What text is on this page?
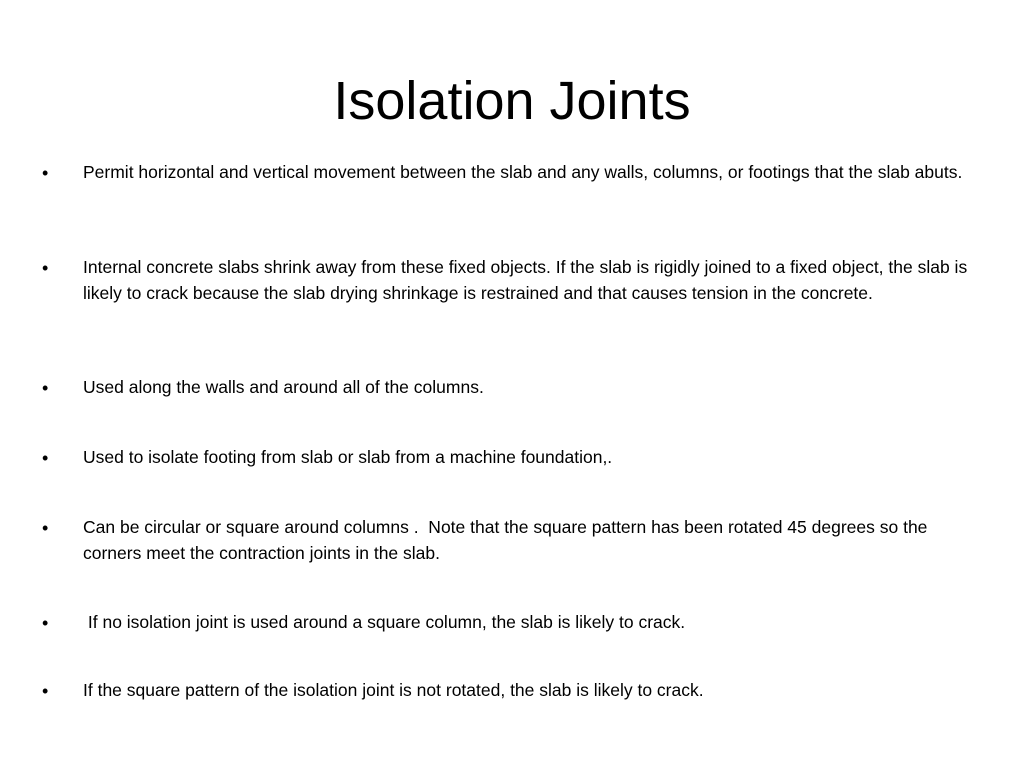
Isolation Joints
• Permit horizontal and vertical movement between the slab and any walls, columns, or footings that the slab abuts.
• Internal concrete slabs shrink away from these fixed objects. If the slab is rigidly joined to a fixed object, the slab is likely to crack because the slab drying shrinkage is restrained and that causes tension in the concrete.
• Used along the walls and around all of the columns.
• Used to isolate footing from slab or slab from a machine foundation,.
• Can be circular or square around columns .  Note that the square pattern has been rotated 45 degrees so the corners meet the contraction joints in the slab.
• If no isolation joint is used around a square column, the slab is likely to crack.
• If the square pattern of the isolation joint is not rotated, the slab is likely to crack.
